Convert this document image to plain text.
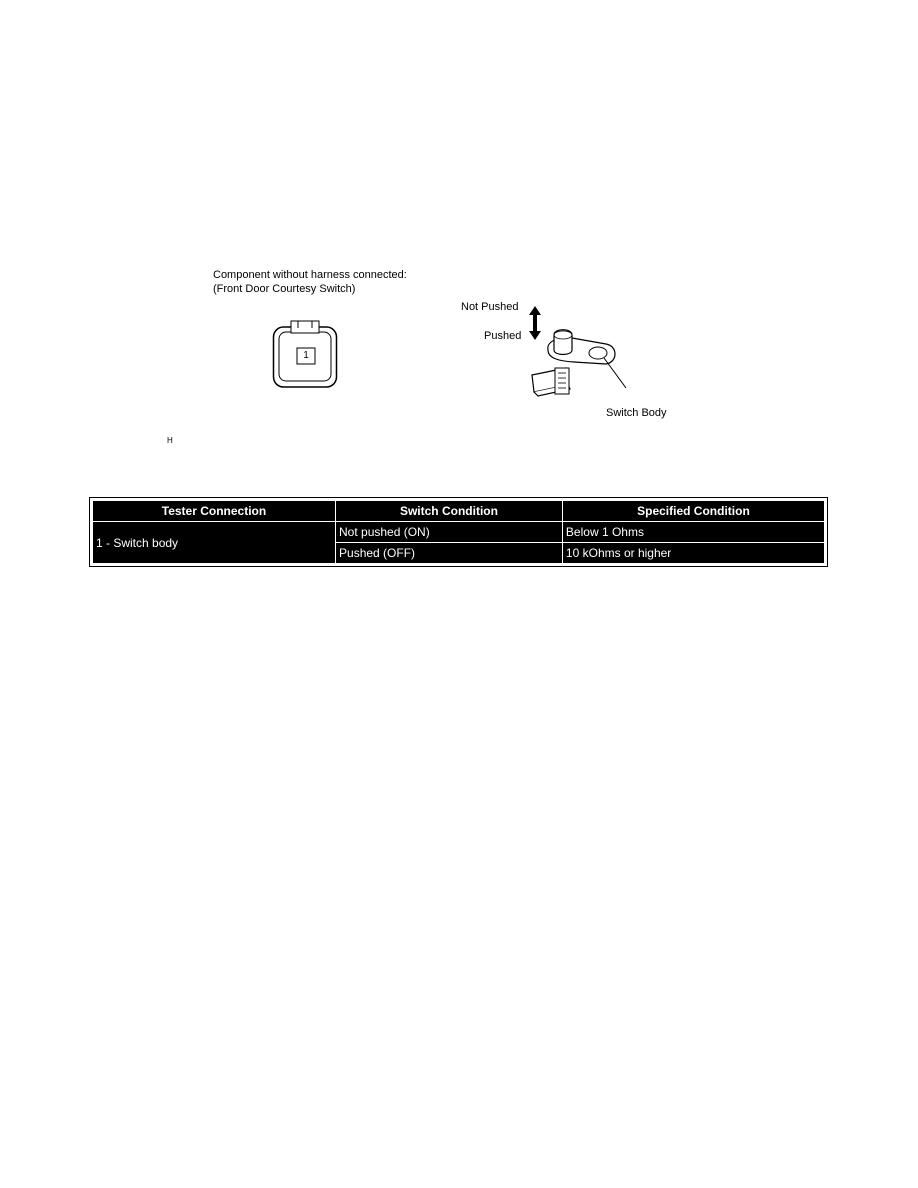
Component without harness connected:
(Front Door Courtesy Switch)
1
Not Pushed
Pushed
Switch Body
H
Tester Connection	Switch Condition	Specified Condition
1 - Switch body	Not pushed (ON)	Below 1 Ohms
	Pushed (OFF)	10 kOhms or higher
